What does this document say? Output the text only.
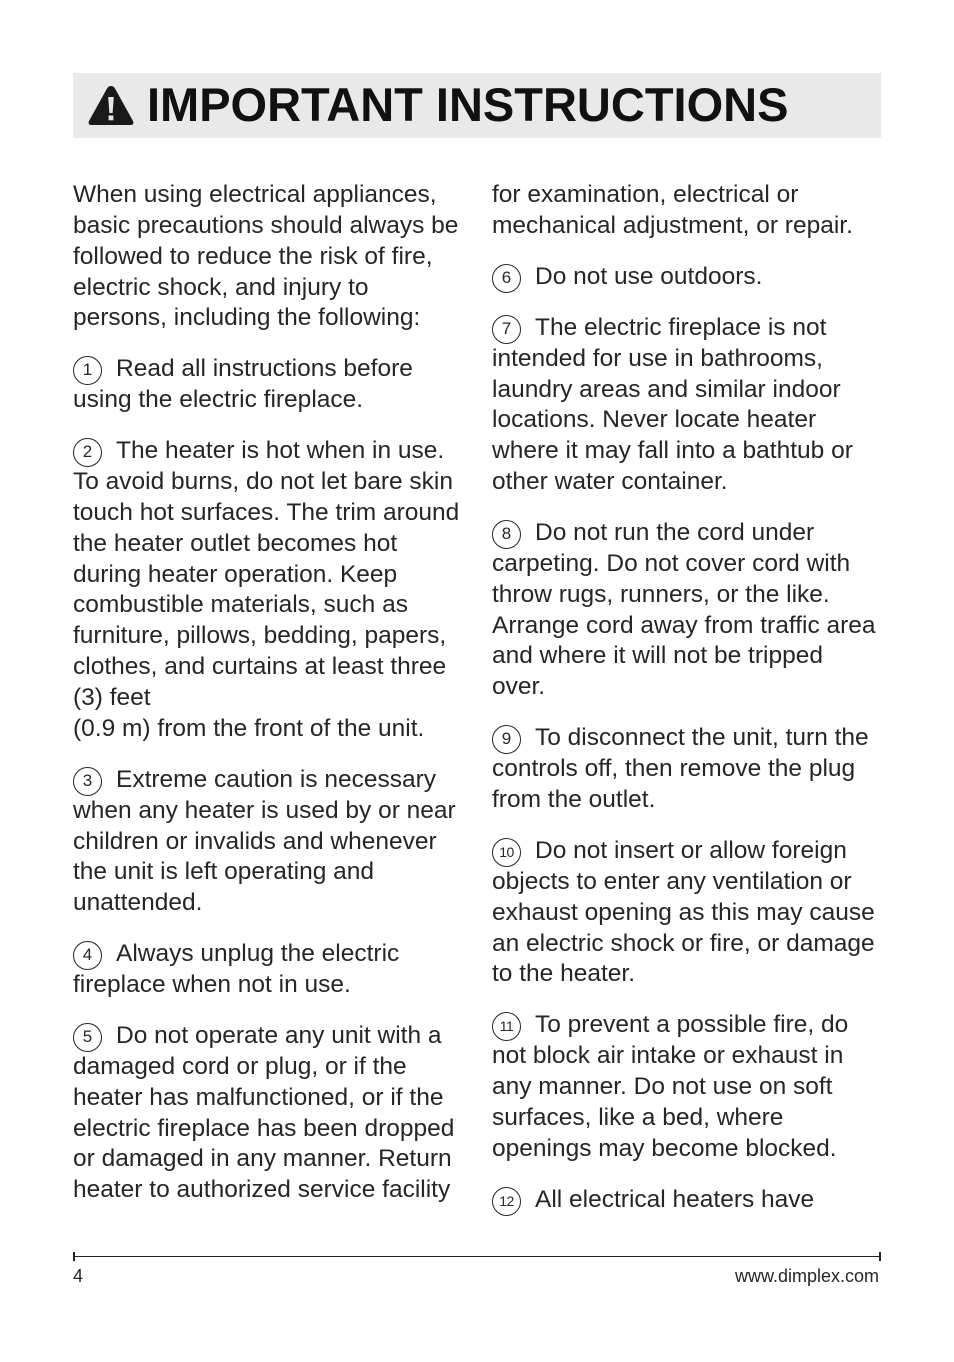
IMPORTANT INSTRUCTIONS

When using electrical appliances, basic precautions should always be followed to reduce the risk of fire, electric shock, and injury to persons, including the following:

1 Read all instructions before using the electric fireplace.

2 The heater is hot when in use. To avoid burns, do not let bare skin touch hot surfaces. The trim around the heater outlet becomes hot during heater operation. Keep combustible materials, such as furniture, pillows, bedding, papers, clothes, and curtains at least three (3) feet
(0.9 m) from the front of the unit.

3 Extreme caution is necessary when any heater is used by or near children or invalids and whenever the unit is left operating and unattended.

4 Always unplug the electric fireplace when not in use.

5 Do not operate any unit with a damaged cord or plug, or if the heater has malfunctioned, or if the electric fireplace has been dropped or damaged in any manner. Return heater to authorized service facility

for examination, electrical or mechanical adjustment, or repair.

6 Do not use outdoors.

7 The electric fireplace is not intended for use in bathrooms, laundry areas and similar indoor locations. Never locate heater where it may fall into a bathtub or other water container.

8 Do not run the cord under carpeting. Do not cover cord with throw rugs, runners, or the like. Arrange cord away from traffic area and where it will not be tripped over.

9 To disconnect the unit, turn the controls off, then remove the plug from the outlet.

10 Do not insert or allow foreign objects to enter any ventilation or exhaust opening as this may cause an electric shock or fire, or damage to the heater.

11 To prevent a possible fire, do not block air intake or exhaust in any manner. Do not use on soft surfaces, like a bed, where openings may become blocked.

12 All electrical heaters have

4	www.dimplex.com
